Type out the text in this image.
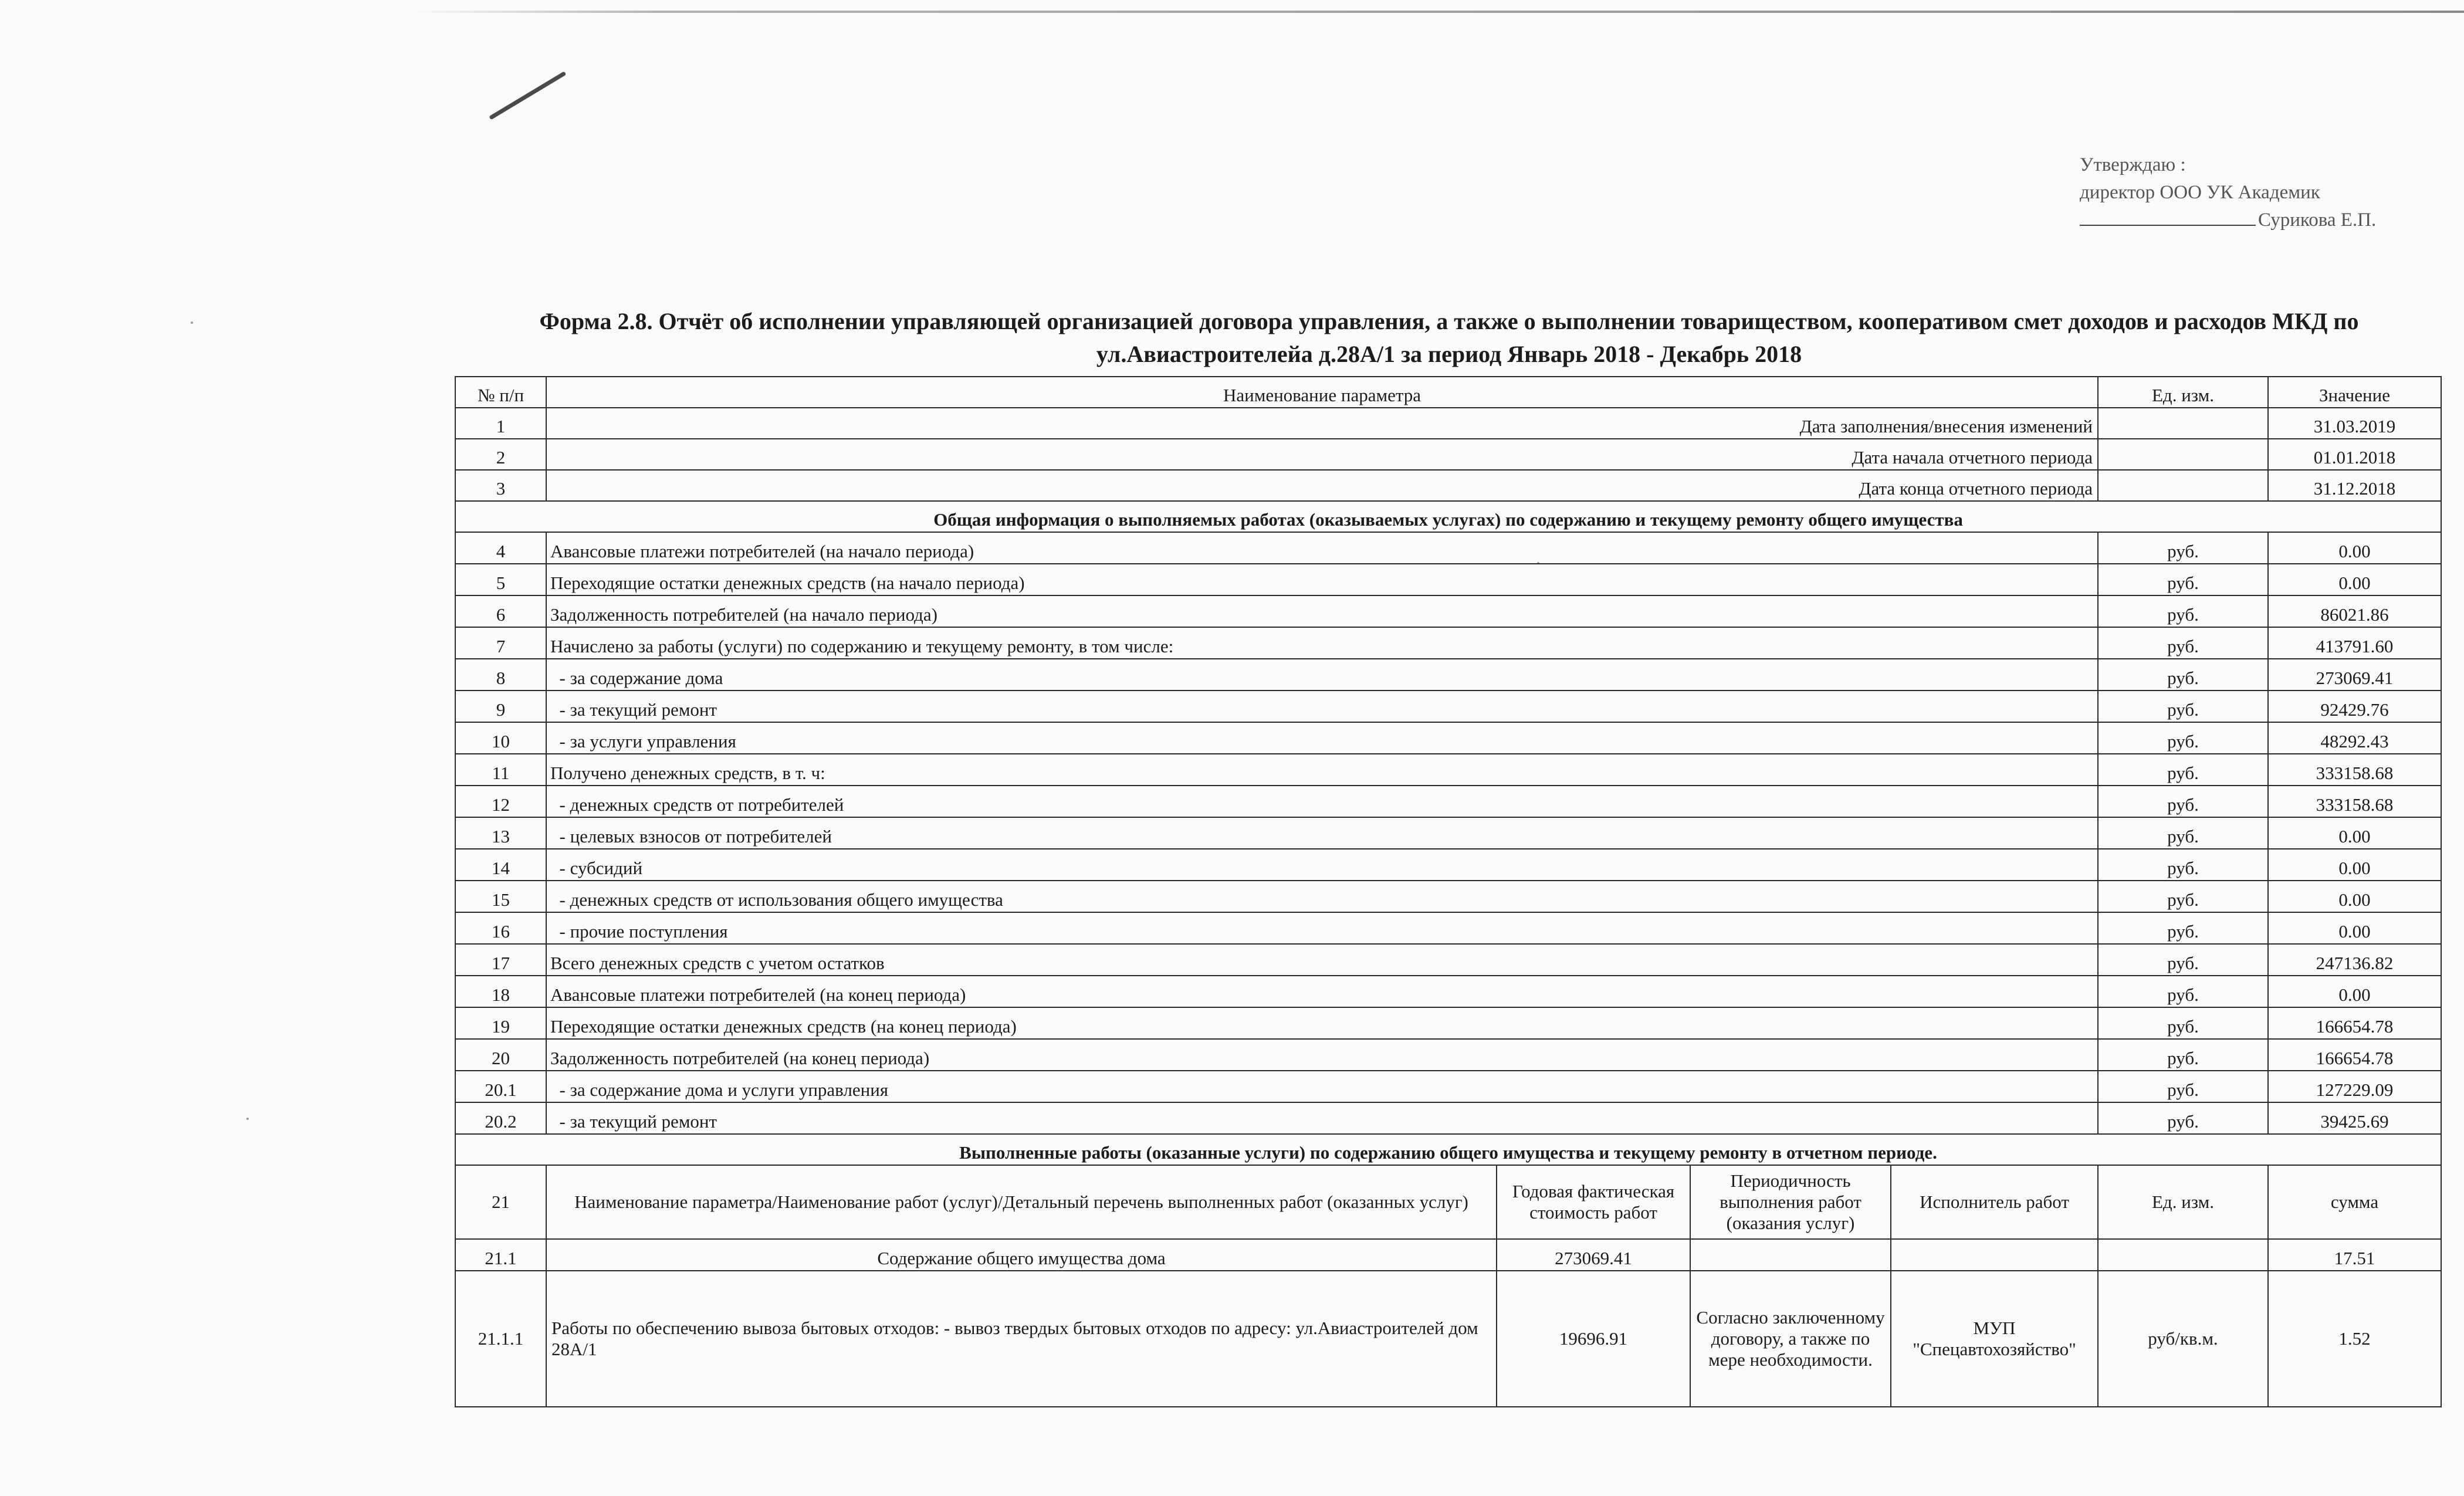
Утверждаю :
директор ООО УК Академик
Сурикова Е.П.
Форма 2.8. Отчёт об исполнении управляющей организацией договора управления, а также о выполнении товариществом, кооперативом смет доходов и расходов МКД по
ул.Авиастроителейа д.28А/1 за период Январь 2018 - Декабрь 2018
№ п/п	Наименование параметра				Ед. изм.	Значение
1	Дата заполнения/внесения изменений					31.03.2019
2	Дата начала отчетного периода					01.01.2018
3	Дата конца отчетного периода					31.12.2018
Общая информация о выполняемых работах (оказываемых услугах) по содержанию и текущему ремонту общего имущества						
4	Авансовые платежи потребителей (на начало периода)				руб.	0.00
5	Переходящие остатки денежных средств (на начало периода)				руб.	0.00
6	Задолженность потребителей (на начало периода)				руб.	86021.86
7	Начислено за работы (услуги) по содержанию и текущему ремонту, в том числе:				руб.	413791.60
8	- за содержание дома				руб.	273069.41
9	- за текущий ремонт				руб.	92429.76
10	- за услуги управления				руб.	48292.43
11	Получено денежных средств, в т. ч:				руб.	333158.68
12	- денежных средств от потребителей				руб.	333158.68
13	- целевых взносов от потребителей				руб.	0.00
14	- субсидий				руб.	0.00
15	- денежных средств от использования общего имущества				руб.	0.00
16	- прочие поступления				руб.	0.00
17	Всего денежных средств с учетом остатков				руб.	247136.82
18	Авансовые платежи потребителей (на конец периода)				руб.	0.00
19	Переходящие остатки денежных средств (на конец периода)				руб.	166654.78
20	Задолженность потребителей (на конец периода)				руб.	166654.78
20.1	- за содержание дома и услуги управления				руб.	127229.09
20.2	- за текущий ремонт				руб.	39425.69
Выполненные работы (оказанные услуги) по содержанию общего имущества и текущему ремонту в отчетном периоде.						
21	Наименование параметра/Наименование работ (услуг)/Детальный перечень выполненных работ (оказанных услуг)	Годовая фактическая стоимость работ	Периодичность выполнения работ (оказания услуг)	Исполнитель работ	Ед. изм.	сумма
21.1	Содержание общего имущества дома	273069.41				17.51
21.1.1	Работы по обеспечению вывоза бытовых отходов: - вывоз твердых бытовых отходов по адресу: ул.Авиастроителей дом 28А/1	19696.91	Согласно заключенному договору, а также по мере необходимости.	МУП "Спецавтохозяйство"	руб/кв.м.	1.52
